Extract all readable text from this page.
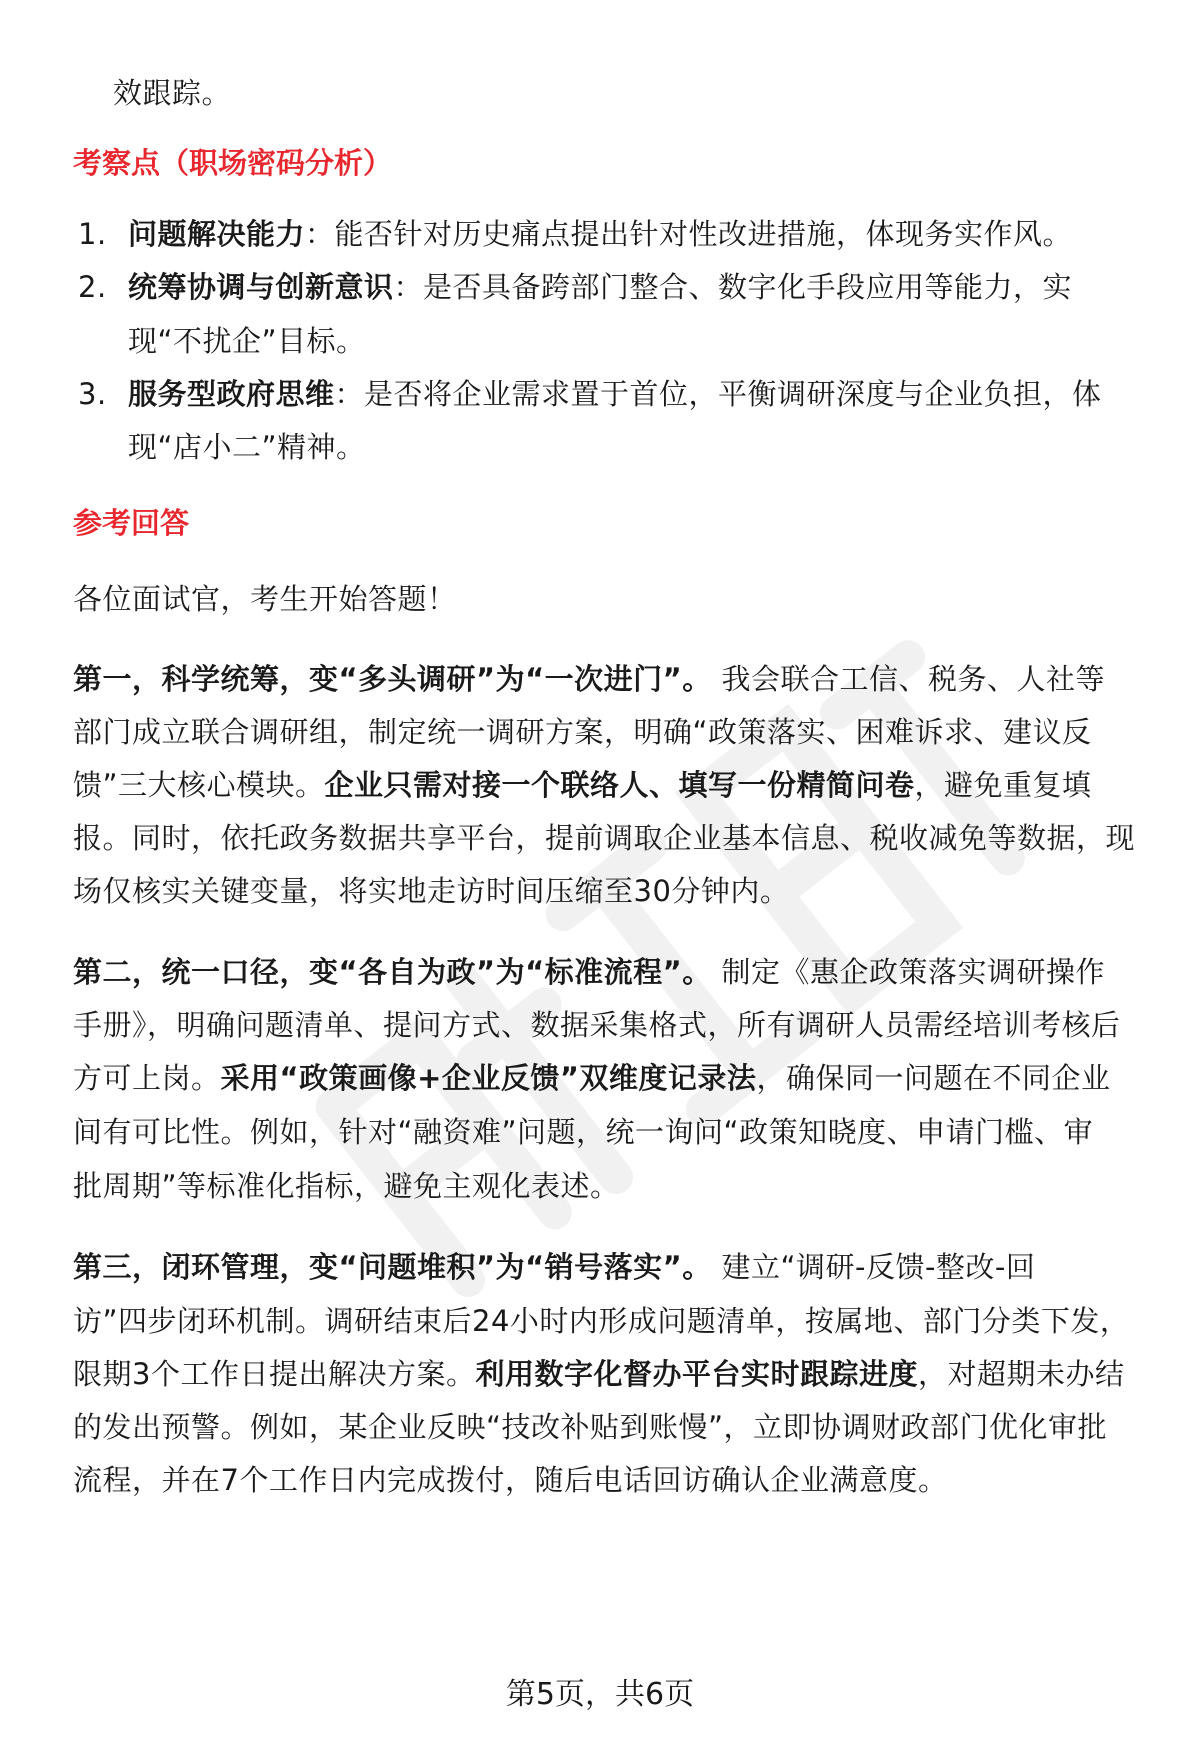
效跟踪。
考察点（职场密码分析）
1. 问题解决能力：能否针对历史痛点提出针对性改进措施，体现务实作风。
2. 统筹协调与创新意识：是否具备跨部门整合、数字化手段应用等能力，实
现“不扰企”目标。
3. 服务型政府思维：是否将企业需求置于首位，平衡调研深度与企业负担，体
现“店小二”精神。
参考回答
各位面试官，考生开始答题！
第一，科学统筹，变“多头调研”为“一次进门”。 我会联合工信、税务、人社等
部门成立联合调研组，制定统一调研方案，明确“政策落实、困难诉求、建议反
馈”三大核心模块。企业只需对接一个联络人、填写一份精简问卷，避免重复填
报。同时，依托政务数据共享平台，提前调取企业基本信息、税收减免等数据，现
场仅核实关键变量，将实地走访时间压缩至30分钟内。
第二，统一口径，变“各自为政”为“标准流程”。 制定《惠企政策落实调研操作
手册》，明确问题清单、提问方式、数据采集格式，所有调研人员需经培训考核后
方可上岗。采用“政策画像+企业反馈”双维度记录法，确保同一问题在不同企业
间有可比性。例如，针对“融资难”问题，统一询问“政策知晓度、申请门槛、审
批周期”等标准化指标，避免主观化表述。
第三，闭环管理，变“问题堆积”为“销号落实”。 建立“调研-反馈-整改-回
访”四步闭环机制。调研结束后24小时内形成问题清单，按属地、部门分类下发，
限期3个工作日提出解决方案。利用数字化督办平台实时跟踪进度，对超期未办结
的发出预警。例如，某企业反映“技改补贴到账慢”，立即协调财政部门优化审批
流程，并在7个工作日内完成拨付，随后电话回访确认企业满意度。
第5页，共6页
